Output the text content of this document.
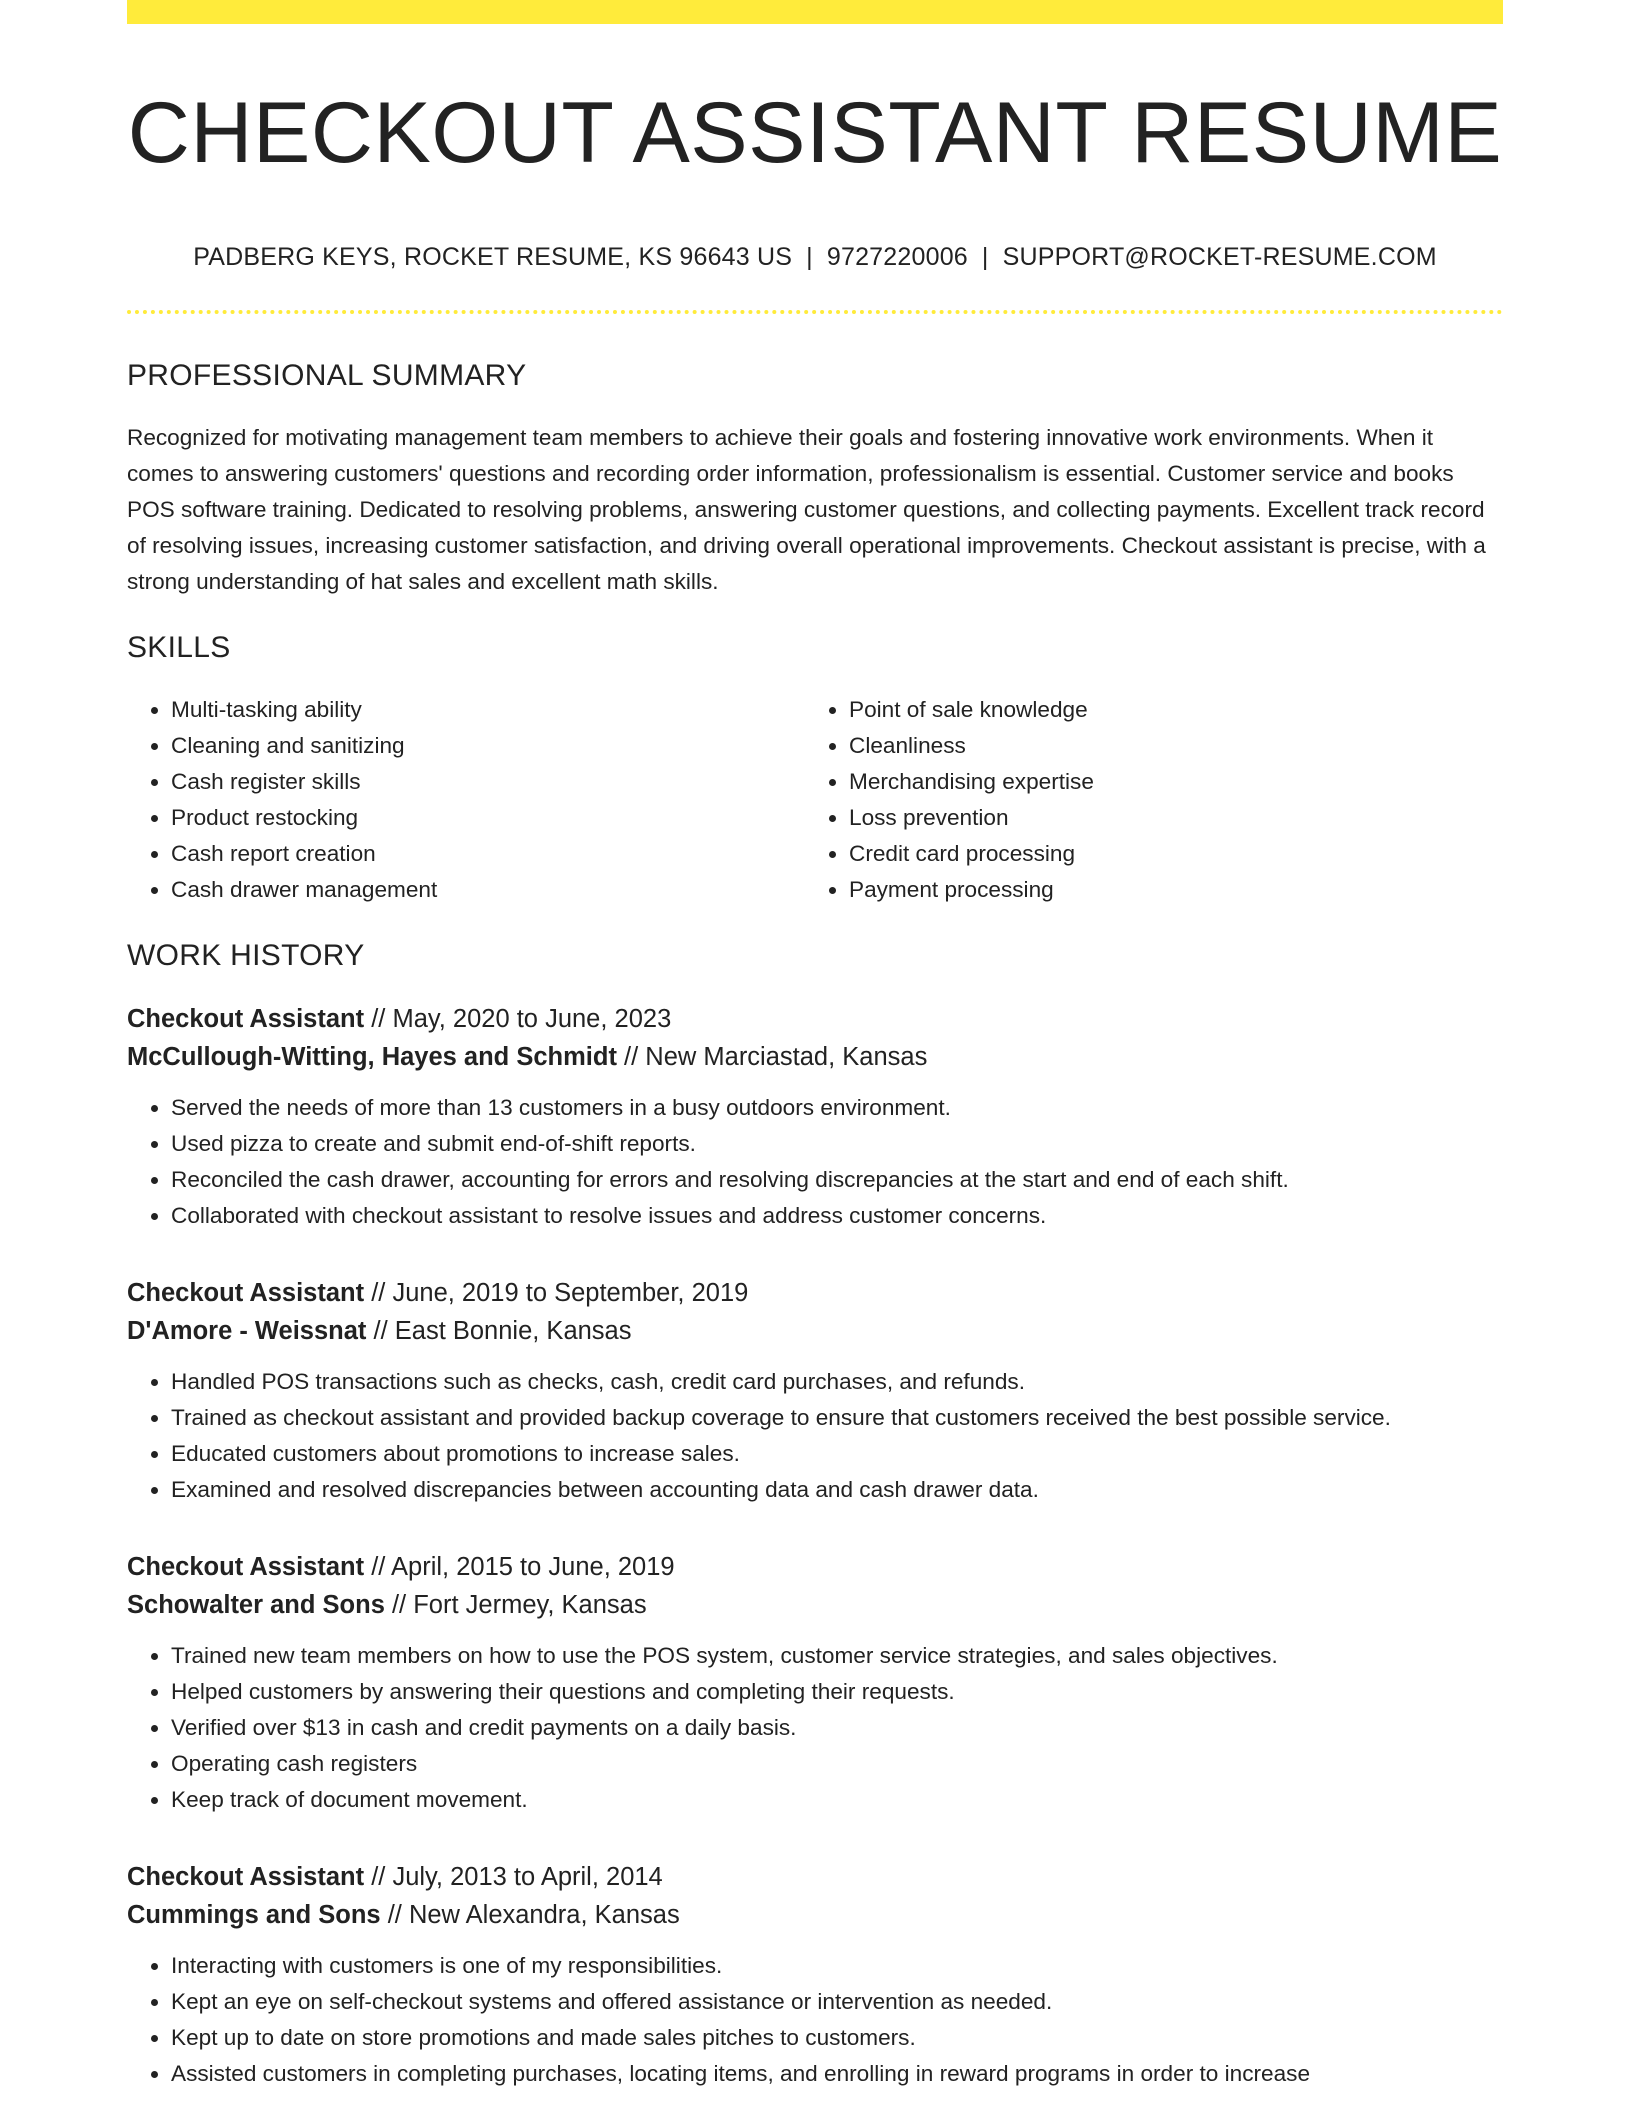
CHECKOUT ASSISTANT RESUME
PADBERG KEYS, ROCKET RESUME, KS 96643 US | 9727220006 | SUPPORT@ROCKET-RESUME.COM
PROFESSIONAL SUMMARY

Recognized for motivating management team members to achieve their goals and fostering innovative work environments. When it comes to answering customers' questions and recording order information, professionalism is essential. Customer service and books POS software training. Dedicated to resolving problems, answering customer questions, and collecting payments. Excellent track record of resolving issues, increasing customer satisfaction, and driving overall operational improvements. Checkout assistant is precise, with a strong understanding of hat sales and excellent math skills.

SKILLS
• Multi-tasking ability
• Cleaning and sanitizing
• Cash register skills
• Product restocking
• Cash report creation
• Cash drawer management
• Point of sale knowledge
• Cleanliness
• Merchandising expertise
• Loss prevention
• Credit card processing
• Payment processing
WORK HISTORY
Checkout Assistant // May, 2020 to June, 2023
McCullough-Witting, Hayes and Schmidt // New Marciastad, Kansas
• Served the needs of more than 13 customers in a busy outdoors environment.
• Used pizza to create and submit end-of-shift reports.
• Reconciled the cash drawer, accounting for errors and resolving discrepancies at the start and end of each shift.
• Collaborated with checkout assistant to resolve issues and address customer concerns.
Checkout Assistant // June, 2019 to September, 2019
D'Amore - Weissnat // East Bonnie, Kansas
• Handled POS transactions such as checks, cash, credit card purchases, and refunds.
• Trained as checkout assistant and provided backup coverage to ensure that customers received the best possible service.
• Educated customers about promotions to increase sales.
• Examined and resolved discrepancies between accounting data and cash drawer data.
Checkout Assistant // April, 2015 to June, 2019
Schowalter and Sons // Fort Jermey, Kansas
• Trained new team members on how to use the POS system, customer service strategies, and sales objectives.
• Helped customers by answering their questions and completing their requests.
• Verified over $13 in cash and credit payments on a daily basis.
• Operating cash registers
• Keep track of document movement.
Checkout Assistant // July, 2013 to April, 2014
Cummings and Sons // New Alexandra, Kansas
• Interacting with customers is one of my responsibilities.
• Kept an eye on self-checkout systems and offered assistance or intervention as needed.
• Kept up to date on store promotions and made sales pitches to customers.
• Assisted customers in completing purchases, locating items, and enrolling in reward programs in order to increase
